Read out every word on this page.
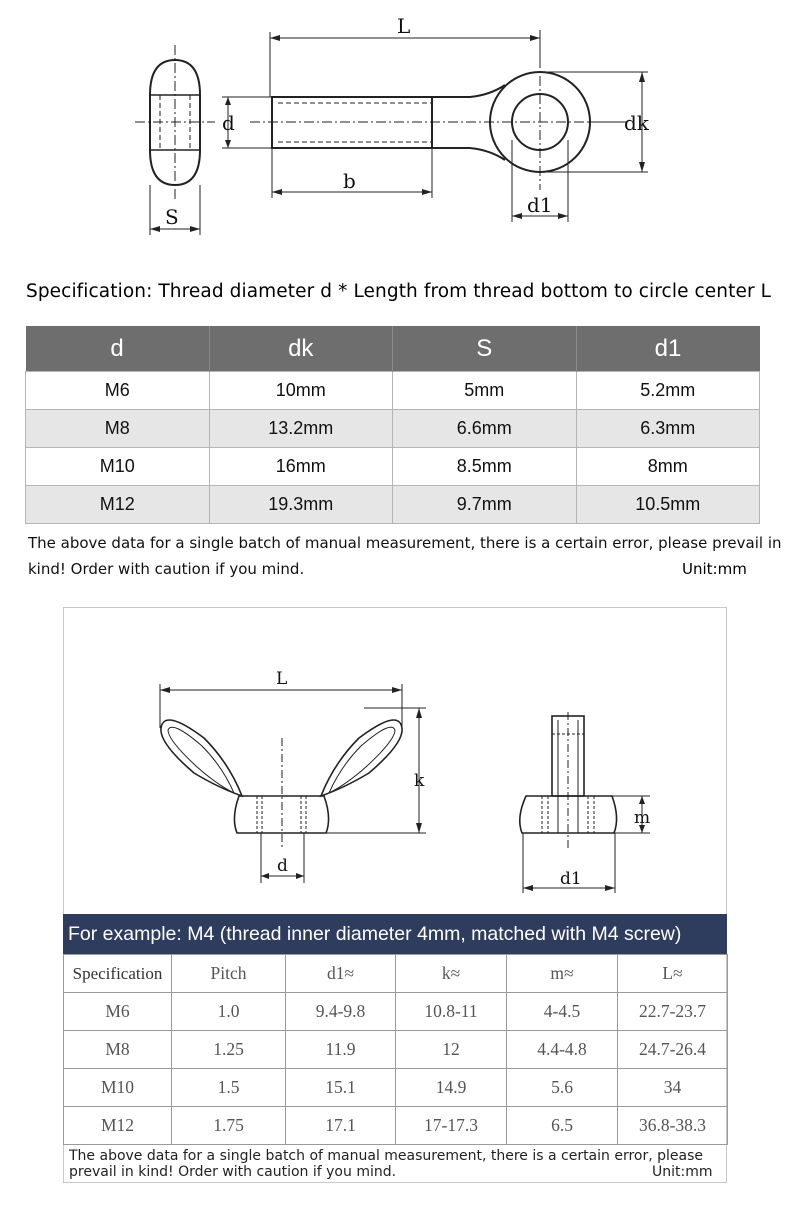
L
d	dk
b
S	d1
Specification: Thread diameter d * Length from thread bottom to circle center L
d	dk	S	d1
M6	10mm	5mm	5.2mm
M8	13.2mm	6.6mm	6.3mm
M10	16mm	8.5mm	8mm
M12	19.3mm	9.7mm	10.5mm
The above data for a single batch of manual measurement, there is a certain error, please prevail in
kind! Order with caution if you mind.	Unit:mm
L
k
d
m
d1
For example: M4 (thread inner diameter 4mm, matched with M4 screw)
Specification	Pitch	d1≈	k≈	m≈	L≈
M6	1.0	9.4-9.8	10.8-11	4-4.5	22.7-23.7
M8	1.25	11.9	12	4.4-4.8	24.7-26.4
M10	1.5	15.1	14.9	5.6	34
M12	1.75	17.1	17-17.3	6.5	36.8-38.3
The above data for a single batch of manual measurement, there is a certain error, please prevail in kind! Order with caution if you mind.	Unit:mm
